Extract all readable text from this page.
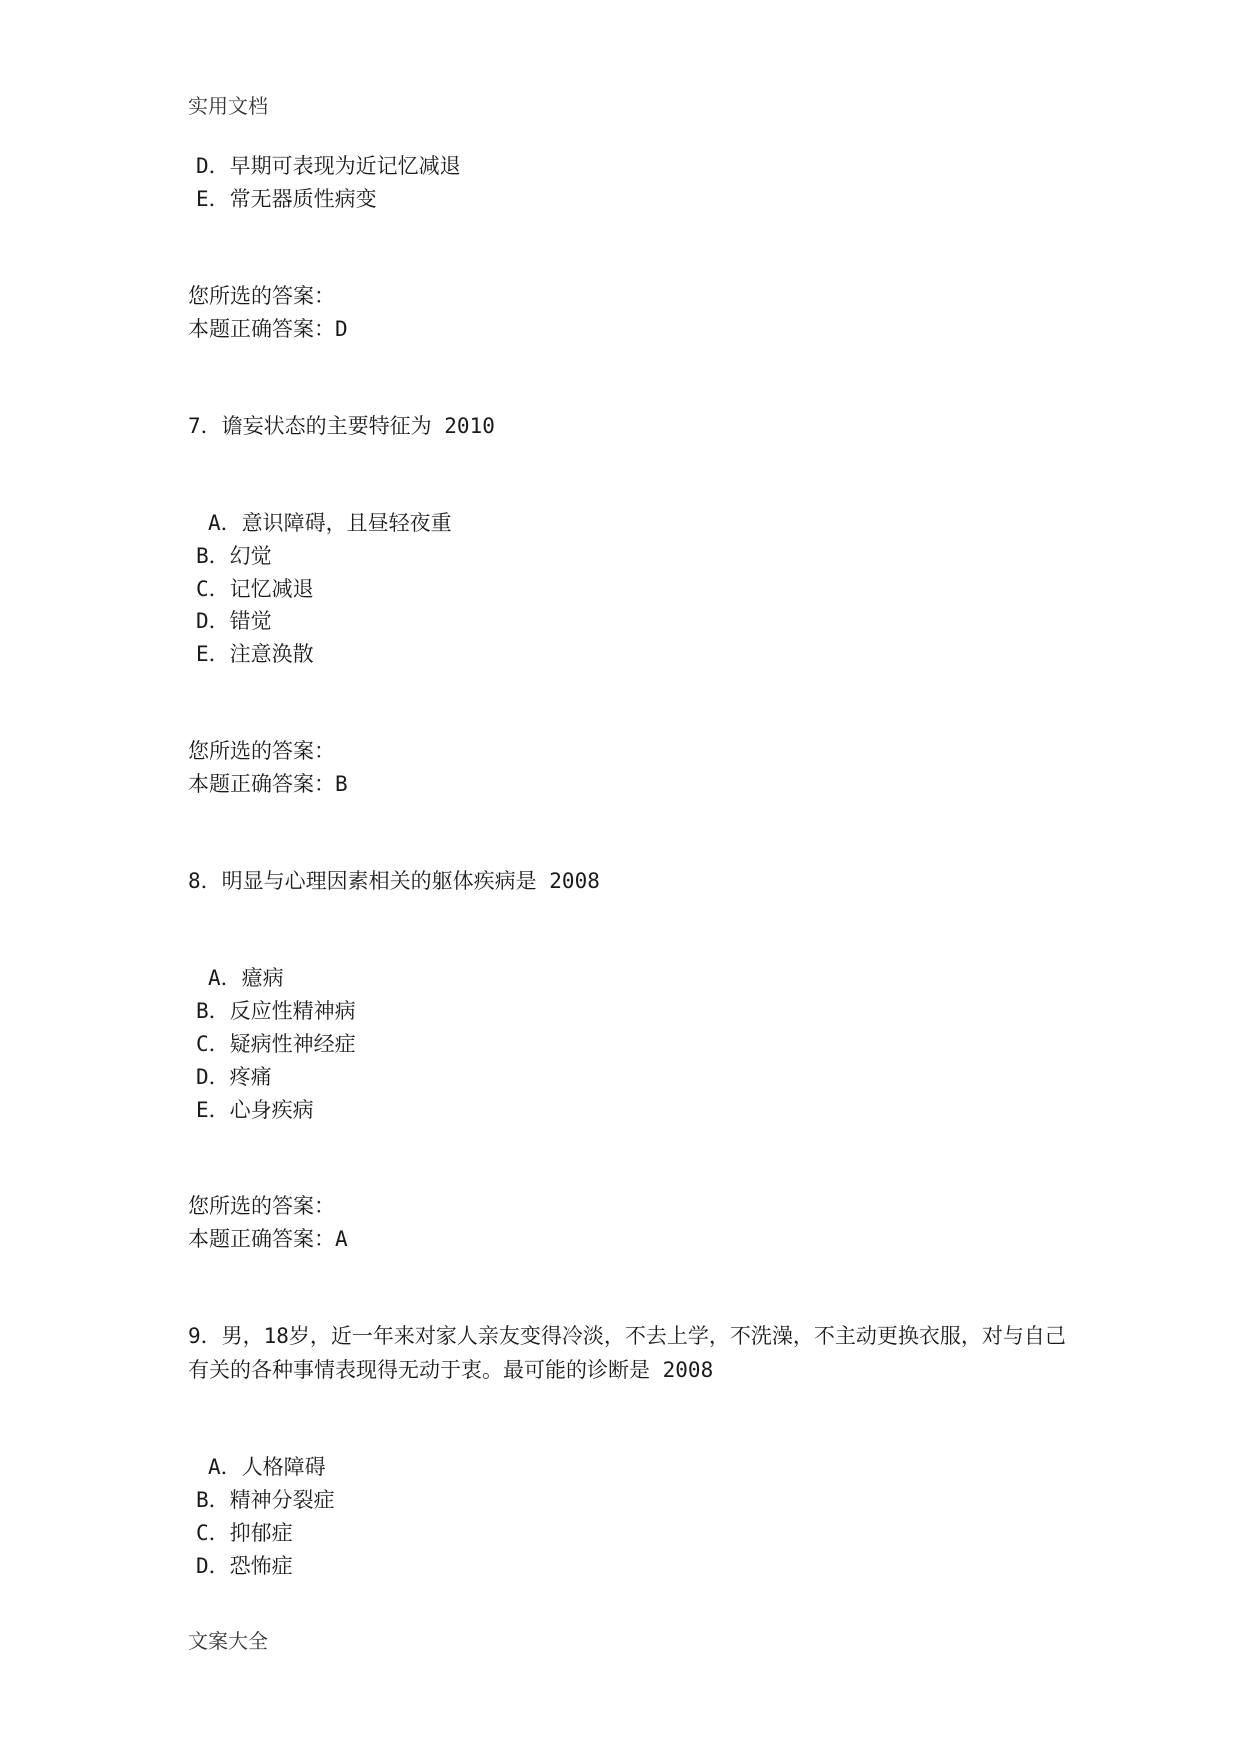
实用文档
D．早期可表现为近记忆减退
E．常无器质性病变
您所选的答案：
本题正确答案：D
7．谵妄状态的主要特征为 2010
A．意识障碍，且昼轻夜重
B．幻觉
C．记忆减退
D．错觉
E．注意涣散
您所选的答案：
本题正确答案：B
8．明显与心理因素相关的躯体疾病是 2008
A．癔病
B．反应性精神病
C．疑病性神经症
D．疼痛
E．心身疾病
您所选的答案：
本题正确答案：A
9．男，18岁，近一年来对家人亲友变得冷淡，不去上学，不洗澡，不主动更换衣服，对与自己有关的各种事情表现得无动于衷。最可能的诊断是 2008
A．人格障碍
B．精神分裂症
C．抑郁症
D．恐怖症
文案大全
